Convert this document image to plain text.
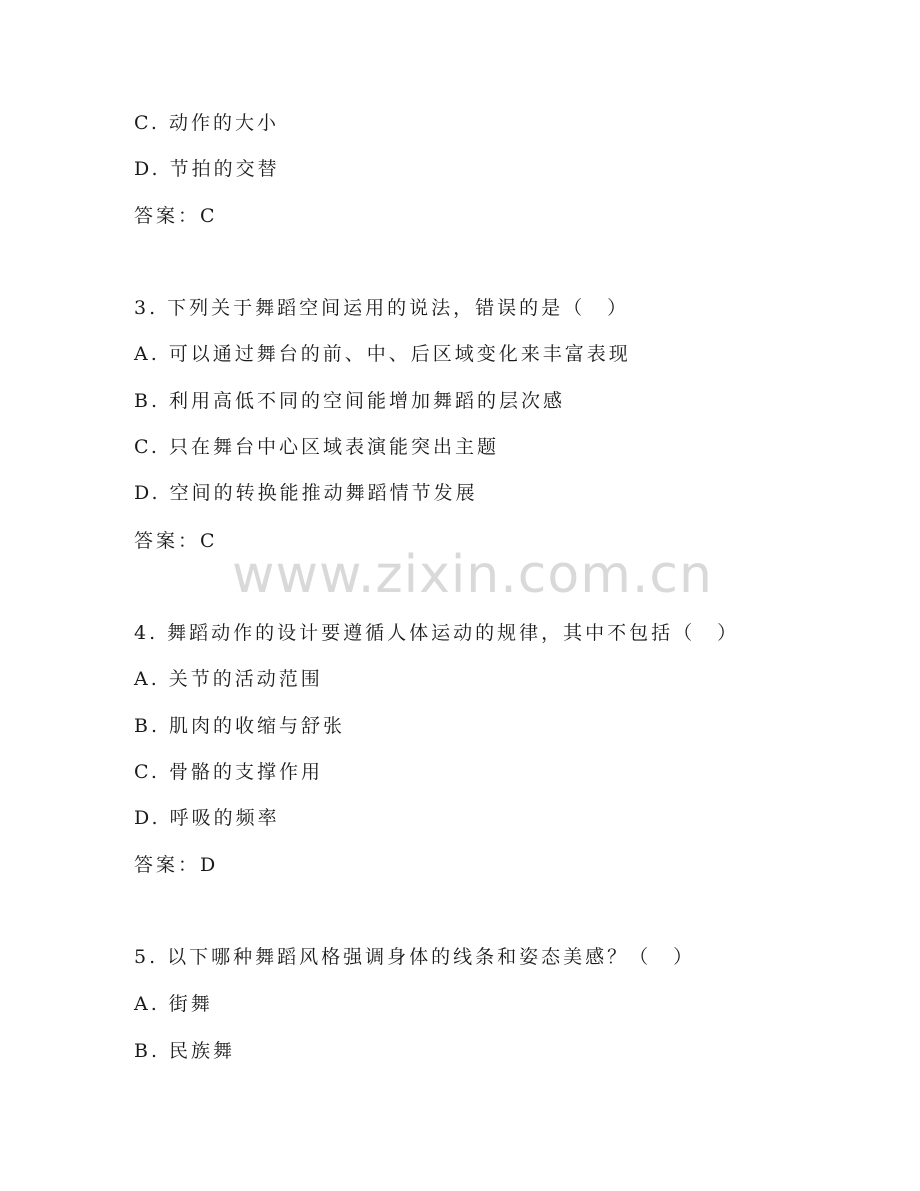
C. 动作的大小
D. 节拍的交替
答案：C
3. 下列关于舞蹈空间运用的说法，错误的是（　）
A. 可以通过舞台的前、中、后区域变化来丰富表现
B. 利用高低不同的空间能增加舞蹈的层次感
C. 只在舞台中心区域表演能突出主题
D. 空间的转换能推动舞蹈情节发展
答案：C
www.zixin.com.cn
4. 舞蹈动作的设计要遵循人体运动的规律，其中不包括（　）
A. 关节的活动范围
B. 肌肉的收缩与舒张
C. 骨骼的支撑作用
D. 呼吸的频率
答案：D
5. 以下哪种舞蹈风格强调身体的线条和姿态美感？（　）
A. 街舞
B. 民族舞
